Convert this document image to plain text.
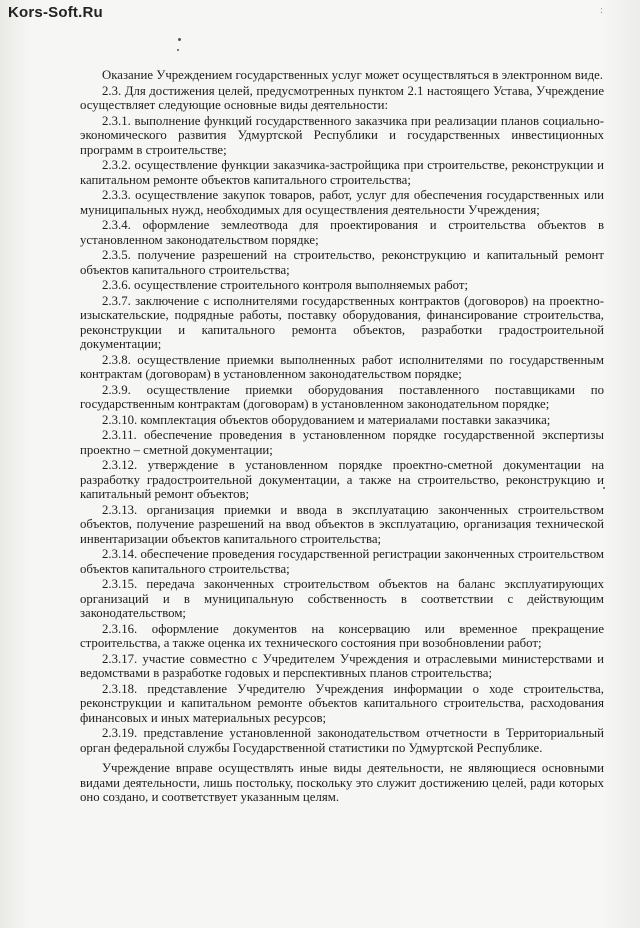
Kors-Soft.Ru	:

Оказание Учреждением государственных услуг может осуществляться в электронном виде.

2.3. Для достижения целей, предусмотренных пунктом 2.1 настоящего Устава, Учреждение осуществляет следующие основные виды деятельности:

2.3.1. выполнение функций государственного заказчика при реализации планов социально-экономического развития Удмуртской Республики и государственных инвестиционных программ в строительстве;

2.3.2. осуществление функции заказчика-застройщика при строительстве, реконструкции и капитальном ремонте объектов капитального строительства;

2.3.3. осуществление закупок товаров, работ, услуг для обеспечения государственных или муниципальных нужд, необходимых для осуществления деятельности Учреждения;

2.3.4. оформление землеотвода для проектирования и строительства объектов в установленном законодательством порядке;

2.3.5. получение разрешений на строительство, реконструкцию и капитальный ремонт объектов капитального строительства;

2.3.6. осуществление строительного контроля выполняемых работ;

2.3.7. заключение с исполнителями государственных контрактов (договоров) на проектно-изыскательские, подрядные работы, поставку оборудования, финансирование строительства, реконструкции и капитального ремонта объектов, разработки градостроительной документации;

2.3.8. осуществление приемки выполненных работ исполнителями по государственным контрактам (договорам) в установленном законодательством порядке;

2.3.9. осуществление приемки оборудования поставленного поставщиками по государственным контрактам (договорам) в установленном законодательном порядке;

2.3.10. комплектация объектов оборудованием и материалами поставки заказчика;

2.3.11. обеспечение проведения в установленном порядке государственной экспертизы проектно – сметной документации;

2.3.12. утверждение в установленном порядке проектно-сметной документации на разработку градостроительной документации, а также на строительство, реконструкцию и капитальный ремонт объектов;

2.3.13. организация приемки и ввода в эксплуатацию законченных строительством объектов, получение разрешений на ввод объектов в эксплуатацию, организация технической инвентаризации объектов капитального строительства;

2.3.14. обеспечение проведения государственной регистрации законченных строительством объектов капитального строительства;

2.3.15. передача законченных строительством объектов на баланс эксплуатирующих организаций и в муниципальную собственность в соответствии с действующим законодательством;

2.3.16. оформление документов на консервацию или временное прекращение строительства, а также оценка их технического состояния при возобновлении работ;

2.3.17. участие совместно с Учредителем Учреждения и отраслевыми министерствами и ведомствами в разработке годовых и перспективных планов строительства;

2.3.18. представление Учредителю Учреждения информации о ходе строительства, реконструкции и капитальном ремонте объектов капитального строительства, расходования финансовых и иных материальных ресурсов;

2.3.19. представление установленной законодательством отчетности в Территориальный орган федеральной службы Государственной статистики по Удмуртской Республике.

Учреждение вправе осуществлять иные виды деятельности, не являющиеся основными видами деятельности, лишь постольку, поскольку это служит достижению целей, ради которых оно создано, и соответствует указанным целям.
